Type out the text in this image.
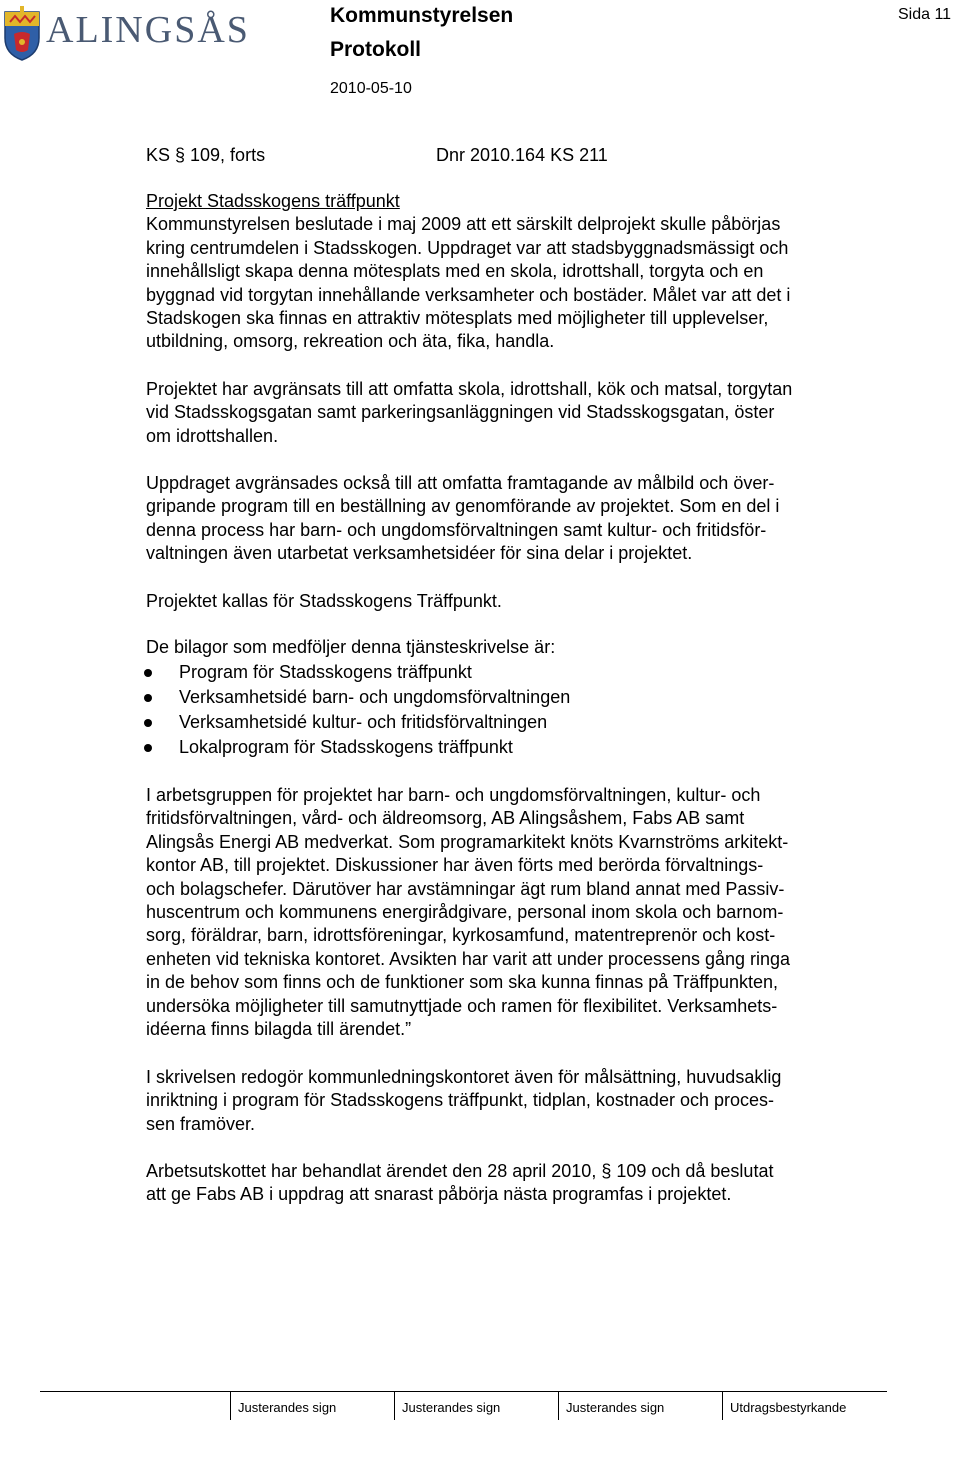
ALINGSÅS	Kommunstyrelsen
Protokoll
2010-05-10
Sida 11
KS § 109, forts	Dnr 2010.164 KS 211

Projekt Stadsskogens träffpunkt

Kommunstyrelsen beslutade i maj 2009 att ett särskilt delprojekt skulle påbörjas
kring centrumdelen i Stadsskogen. Uppdraget var att stadsbyggnadsmässigt och
innehållsligt skapa denna mötesplats med en skola, idrottshall, torgyta och en
byggnad vid torgytan innehållande verksamheter och bostäder. Målet var att det i
Stadskogen ska finnas en attraktiv mötesplats med möjligheter till upplevelser,
utbildning, omsorg, rekreation och äta, fika, handla.

Projektet har avgränsats till att omfatta skola, idrottshall, kök och matsal, torgytan
vid Stadsskogsgatan samt parkeringsanläggningen vid Stadsskogsgatan, öster
om idrottshallen.
Uppdraget avgränsades också till att omfatta framtagande av målbild och över-
gripande program till en beställning av genomförande av projektet. Som en del i
denna process har barn- och ungdomsförvaltningen samt kultur- och fritidsför-
valtningen även utarbetat verksamhetsidéer för sina delar i projektet.
Projektet kallas för Stadsskogens Träffpunkt.

De bilagor som medföljer denna tjänsteskrivelse är:

Program för Stadsskogens träffpunkt
Verksamhetsidé barn- och ungdomsförvaltningen
Verksamhetsidé kultur- och fritidsförvaltningen
Lokalprogram för Stadsskogens träffpunkt
I arbetsgruppen för projektet har barn- och ungdomsförvaltningen, kultur- och
fritidsförvaltningen, vård- och äldreomsorg, AB Alingsåshem, Fabs AB samt
Alingsås Energi AB medverkat. Som programarkitekt knöts Kvarnströms arkitekt-
kontor AB, till projektet. Diskussioner har även förts med berörda förvaltnings-
och bolagschefer. Därutöver har avstämningar ägt rum bland annat med Passiv-
huscentrum och kommunens energirådgivare, personal inom skola och barnom-
sorg, föräldrar, barn, idrottsföreningar, kyrkosamfund, matentreprenör och kost-
enheten vid tekniska kontoret. Avsikten har varit att under processens gång ringa
in de behov som finns och de funktioner som ska kunna finnas på Träffpunkten,
undersöka möjligheter till samutnyttjade och ramen för flexibilitet. Verksamhets-
idéerna finns bilagda till ärendet.”
I skrivelsen redogör kommunledningskontoret även för målsättning, huvudsaklig
inriktning i program för Stadsskogens träffpunkt, tidplan, kostnader och proces-
sen framöver.
Arbetsutskottet har behandlat ärendet den 28 april 2010, § 109 och då beslutat
att ge Fabs AB i uppdrag att snarast påbörja nästa programfas i projektet.
Justerandes sign	Justerandes sign	Justerandes sign	Utdragsbestyrkande
